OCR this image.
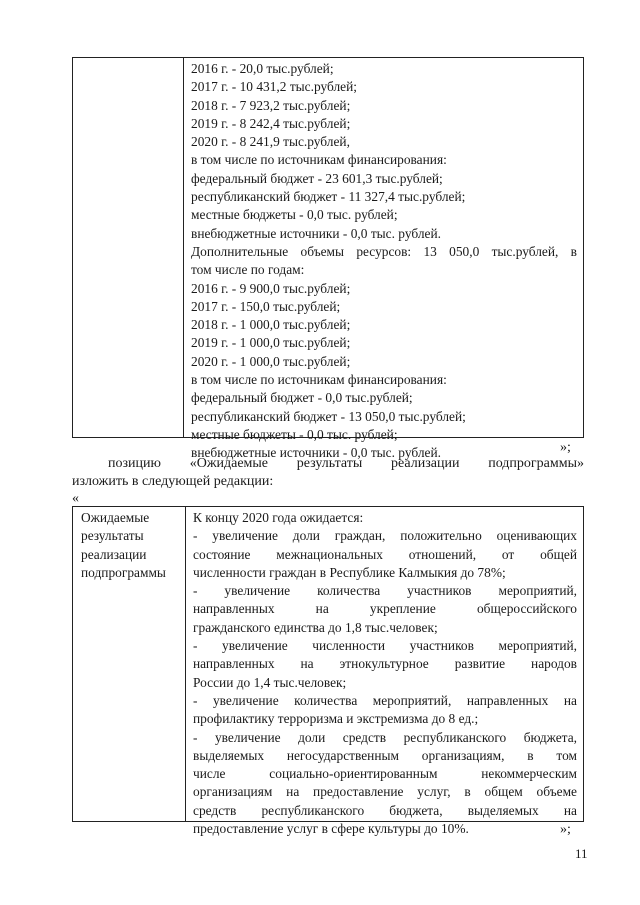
2016 г. - 20,0 тыс.рублей;
2017 г. - 10 431,2 тыс.рублей;
2018 г. - 7 923,2 тыс.рублей;
2019 г. - 8 242,4 тыс.рублей;
2020 г. - 8 241,9 тыс.рублей,
в том числе по источникам финансирования:
федеральный бюджет - 23 601,3 тыс.рублей;
республиканский бюджет - 11 327,4 тыс.рублей;
местные бюджеты - 0,0 тыс. рублей;
внебюджетные источники - 0,0 тыс. рублей.
Дополнительные объемы ресурсов: 13 050,0 тыс.рублей, в
том числе по годам:
2016 г. - 9 900,0 тыс.рублей;
2017 г. - 150,0 тыс.рублей;
2018 г. - 1 000,0 тыс.рублей;
2019 г. - 1 000,0 тыс.рублей;
2020 г. - 1 000,0 тыс.рублей;
в том числе по источникам финансирования:
федеральный бюджет - 0,0 тыс.рублей;
республиканский бюджет - 13 050,0 тыс.рублей;
местные бюджеты - 0,0 тыс. рублей;
внебюджетные источники - 0,0 тыс. рублей.	»;
позицию «Ожидаемые результаты реализации подпрограммы»
изложить в следующей редакции:
«
Ожидаемые
результаты
реализации
подпрограммы
К концу 2020 года ожидается:
- увеличение доли граждан, положительно оценивающих
состояние межнациональных отношений, от общей
численности граждан в Республике Калмыкия до 78%;
- увеличение количества участников мероприятий,
направленных на укрепление общероссийского
гражданского единства до 1,8 тыс.человек;
- увеличение численности участников мероприятий,
направленных на этнокультурное развитие народов
России до 1,4 тыс.человек;
- увеличение количества мероприятий, направленных на
профилактику терроризма и экстремизма до 8 ед.;
- увеличение доли средств республиканского бюджета,
выделяемых негосударственным организациям, в том
числе социально-ориентированным некоммерческим
организациям на предоставление услуг, в общем объеме
средств республиканского бюджета, выделяемых на
предоставление услуг в сфере культуры до 10%.	»;
11
